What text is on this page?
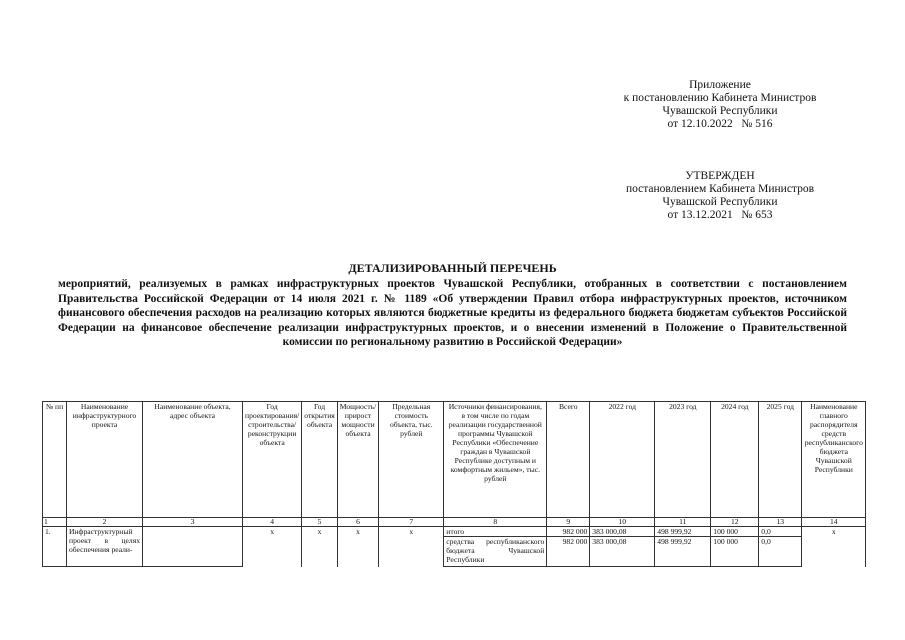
Приложение
к постановлению Кабинета Министров
Чувашской Республики
от 12.10.2022   № 516
УТВЕРЖДЕН
постановлением Кабинета Министров
Чувашской Республики
от 13.12.2021   № 653
ДЕТАЛИЗИРОВАННЫЙ ПЕРЕЧЕНЬ
мероприятий, реализуемых в рамках инфраструктурных проектов Чувашской Республики, отобранных в соответствии с постановлением Правительства Российской Федерации от 14 июля 2021 г. № 1189 «Об утверждении Правил отбора инфраструктурных проектов, источником финансового обеспечения расходов на реализацию которых являются бюджетные кредиты из федерального бюджета бюджетам субъектов Российской Федерации на финансовое обеспечение реализации инфраструктурных проектов, и о внесении изменений в Положение о Правительственной комиссии по региональному развитию в Российской Федерации»
№ пп	Наименование инфраструктурного проекта	Наименование объекта, адрес объекта	Год проектирования/ строительства/реконструкции объекта	Год открытия объекта	Мощность/ прирост мощности объекта	Предельная стоимость объекта, тыс. рублей	Источники финансирования, в том числе по годам реализации государственной программы Чувашской Республики «Обеспечение граждан в Чувашской Республике доступным и комфортным жильем», тыс. рублей	Всего	2022 год	2023 год	2024 год	2025 год	Наименование главного распорядителя средств республиканского бюджета Чувашской Республики
1	2	3	4	5	6	7	8	9	10	11	12	13	14
1.	Инфраструктурный проект в целях обеспечения реали-		х	х	х	х	итого	982 000	383 000,08	498 999,92	100 000	0,0	х
							средства республиканского бюджета Чувашской Республики	982 000	383 000,08	498 999,92	100 000	0,0	
